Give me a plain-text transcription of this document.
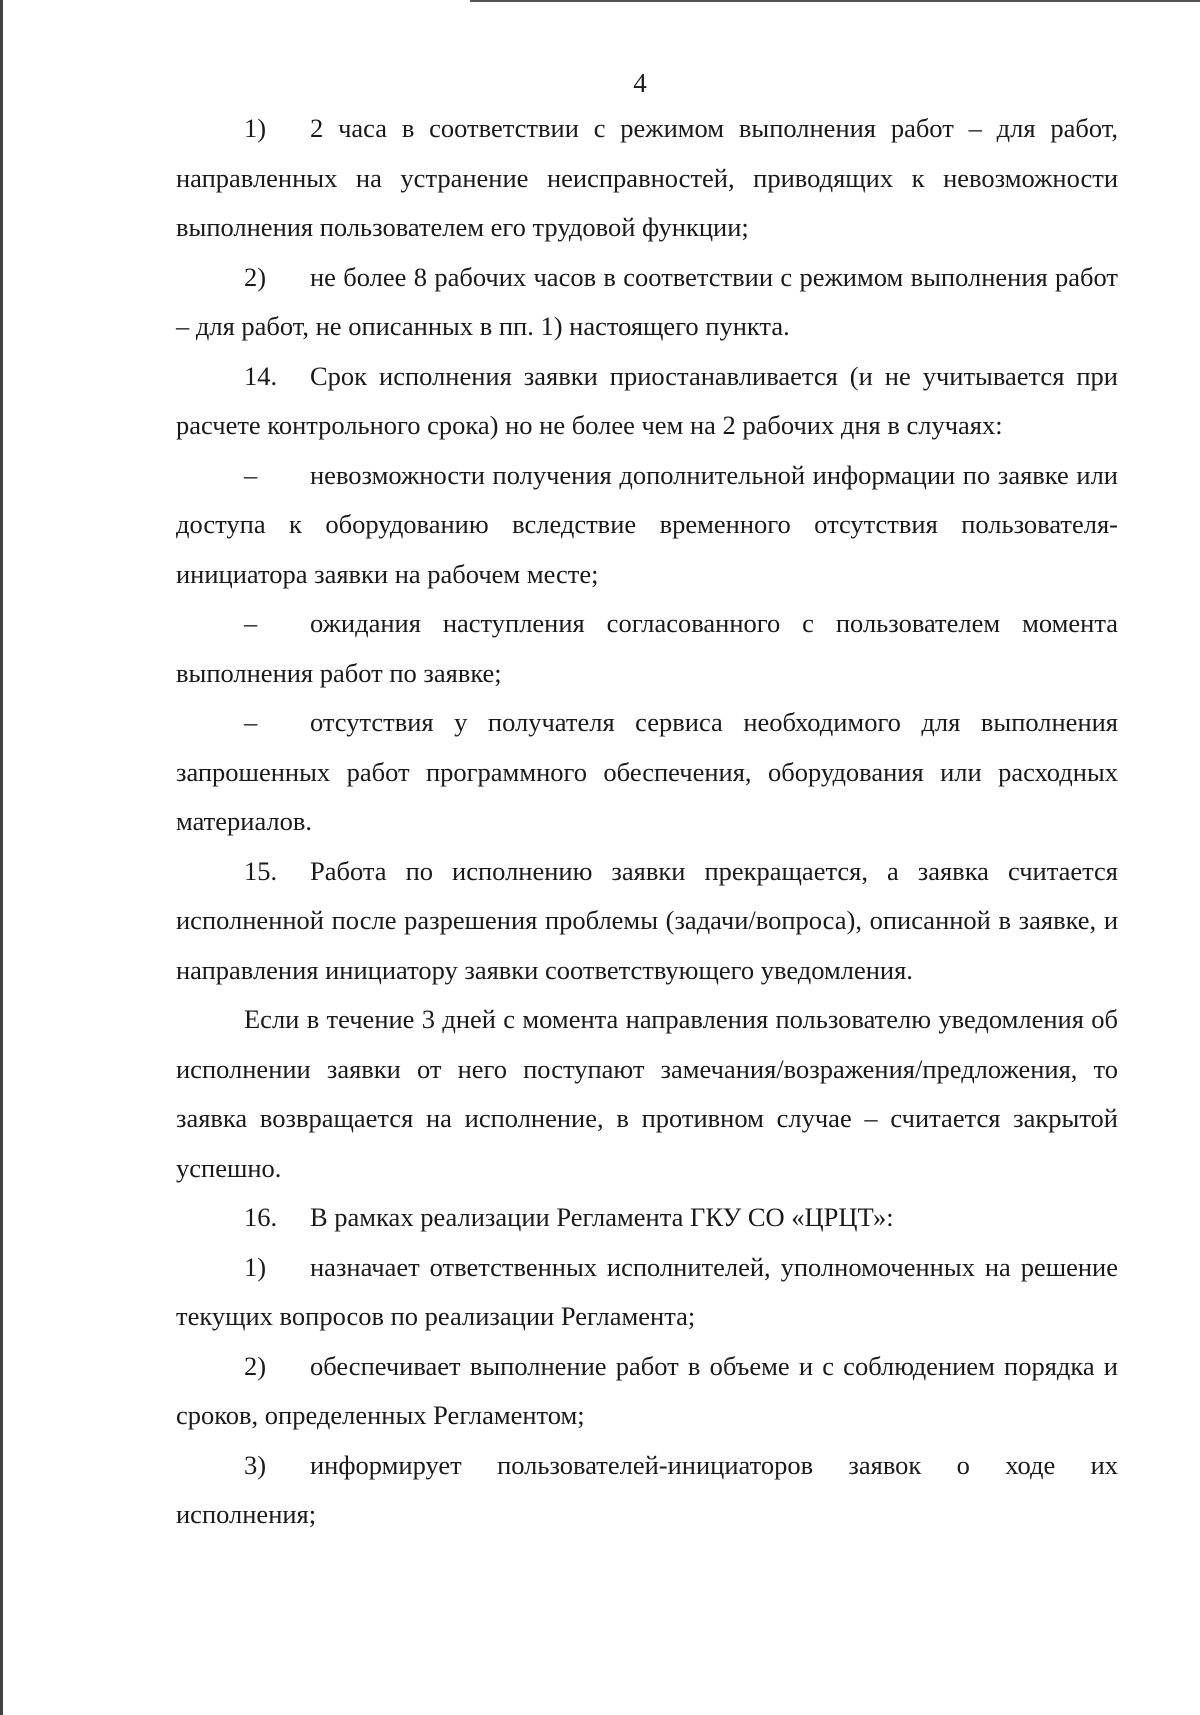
4

1) 2 часа в соответствии с режимом выполнения работ – для работ, направленных на устранение неисправностей, приводящих к невозможности выполнения пользователем его трудовой функции;

2) не более 8 рабочих часов в соответствии с режимом выполнения работ – для работ, не описанных в пп. 1) настоящего пункта.

14. Срок исполнения заявки приостанавливается (и не учитывается при расчете контрольного срока) но не более чем на 2 рабочих дня в случаях:

– невозможности получения дополнительной информации по заявке или доступа к оборудованию вследствие временного отсутствия пользователя-инициатора заявки на рабочем месте;

– ожидания наступления согласованного с пользователем момента выполнения работ по заявке;

– отсутствия у получателя сервиса необходимого для выполнения запрошенных работ программного обеспечения, оборудования или расходных материалов.

15. Работа по исполнению заявки прекращается, а заявка считается исполненной после разрешения проблемы (задачи/вопроса), описанной в заявке, и направления инициатору заявки соответствующего уведомления.

Если в течение 3 дней с момента направления пользователю уведомления об исполнении заявки от него поступают замечания/возражения/предложения, то заявка возвращается на исполнение, в противном случае – считается закрытой успешно.

16. В рамках реализации Регламента ГКУ СО «ЦРЦТ»:

1) назначает ответственных исполнителей, уполномоченных на решение текущих вопросов по реализации Регламента;

2) обеспечивает выполнение работ в объеме и с соблюдением порядка и сроков, определенных Регламентом;

3) информирует пользователей-инициаторов заявок о ходе их исполнения;
